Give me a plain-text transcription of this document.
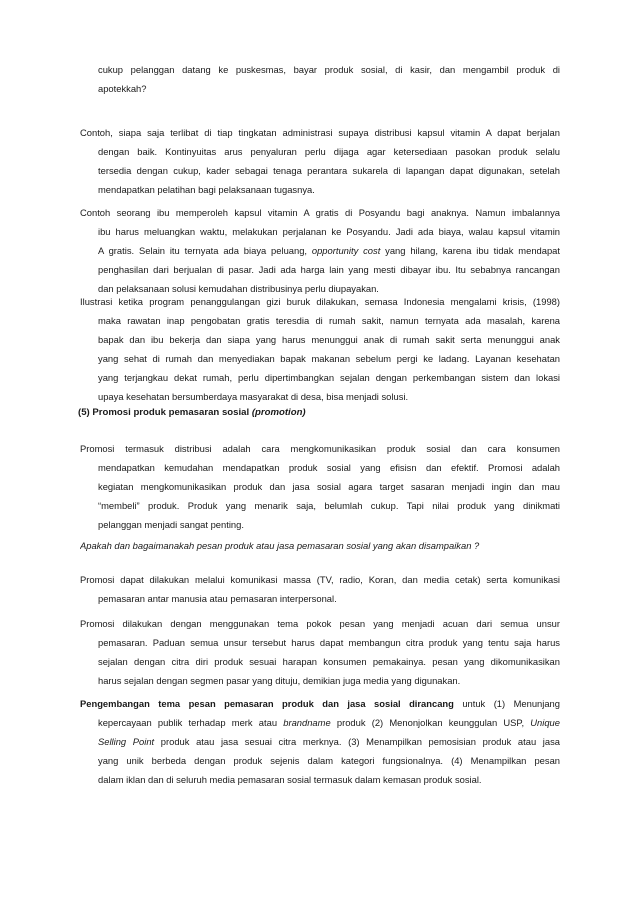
cukup pelanggan datang ke puskesmas, bayar produk sosial, di kasir, dan mengambil produk di
apotekkah?
Contoh, siapa saja terlibat di tiap tingkatan administrasi supaya distribusi kapsul vitamin A dapat berjalan
dengan baik. Kontinyuitas arus penyaluran perlu dijaga agar ketersediaan pasokan produk selalu
tersedia dengan cukup, kader sebagai tenaga perantara sukarela di lapangan dapat digunakan, setelah
mendapatkan pelatihan bagi pelaksanaan tugasnya.
Contoh seorang ibu memperoleh kapsul vitamin A gratis di Posyandu bagi anaknya. Namun imbalannya
ibu harus meluangkan waktu, melakukan perjalanan ke Posyandu. Jadi ada biaya, walau kapsul vitamin
A gratis. Selain itu ternyata ada biaya peluang, opportunity cost yang hilang, karena ibu tidak mendapat
penghasilan dari berjualan di pasar. Jadi ada harga lain yang mesti dibayar ibu. Itu sebabnya rancangan
dan pelaksanaan solusi kemudahan distribusinya perlu diupayakan.
Ilustrasi ketika program penanggulangan gizi buruk dilakukan, semasa Indonesia mengalami krisis, (1998)
maka rawatan inap pengobatan gratis teresdia di rumah sakit, namun ternyata ada masalah, karena
bapak dan ibu bekerja dan siapa yang harus menunggui anak di rumah sakit serta menunggui anak
yang sehat di rumah dan menyediakan bapak makanan sebelum pergi ke ladang. Layanan kesehatan
yang terjangkau dekat rumah, perlu dipertimbangkan sejalan dengan perkembangan sistem dan lokasi
upaya kesehatan bersumberdaya masyarakat di desa, bisa menjadi solusi.
(5) Promosi produk pemasaran sosial (promotion)
Promosi termasuk distribusi adalah cara mengkomunikasikan produk sosial dan cara konsumen
mendapatkan kemudahan mendapatkan produk sosial yang efisisn dan efektif. Promosi adalah
kegiatan mengkomunikasikan produk dan jasa sosial agara target sasaran menjadi ingin dan mau
“membeli” produk. Produk yang menarik saja, belumlah cukup. Tapi nilai produk yang dinikmati
pelanggan menjadi sangat penting.
Apakah dan bagaimanakah pesan produk atau jasa pemasaran sosial yang akan disampaikan ?
Promosi dapat dilakukan melalui komunikasi massa (TV, radio, Koran, dan media cetak) serta komunikasi
pemasaran antar manusia atau pemasaran interpersonal.
Promosi dilakukan dengan menggunakan tema pokok pesan yang menjadi acuan dari semua unsur
pemasaran. Paduan semua unsur tersebut harus dapat membangun citra produk yang tentu saja harus
sejalan dengan citra diri produk sesuai harapan konsumen pemakainya. pesan yang dikomunikasikan
harus sejalan dengan segmen pasar yang dituju, demikian juga media yang digunakan.
Pengembangan tema pesan pemasaran produk dan jasa sosial dirancang untuk (1) Menunjang
kepercayaan publik terhadap merk atau brandname produk (2) Menonjolkan keunggulan USP, Unique
Selling Point produk atau jasa sesuai citra merknya. (3) Menampilkan pemosisian produk atau jasa
yang unik berbeda dengan produk sejenis dalam kategori fungsionalnya. (4) Menampilkan pesan
dalam iklan dan di seluruh media pemasaran sosial termasuk dalam kemasan produk sosial.
